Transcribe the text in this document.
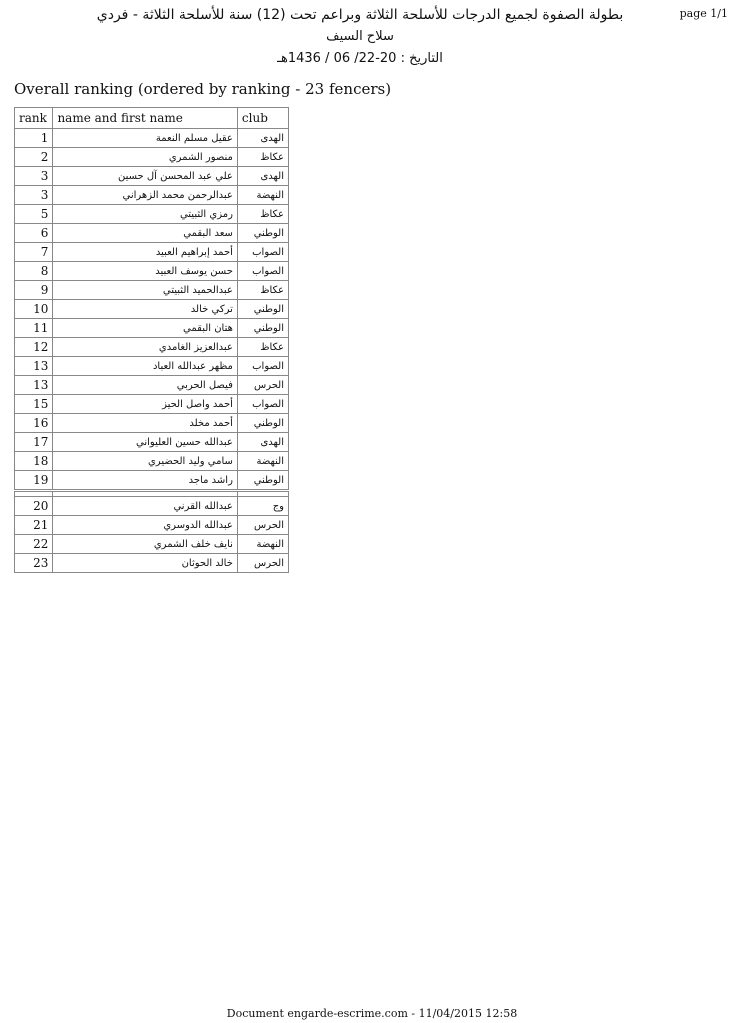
page 1/1
بطولة الصفوة لجميع الدرجات للأسلحة الثلاثة وبراعم تحت (12) سنة للأسلحة الثلاثة - فردي
سلاح السيف
التاريخ : 20-22/ 06 / 1436هـ
Overall ranking (ordered by ranking - 23 fencers)
rank	name and first name	club
1	عقيل مسلم النعمة	الهدى
2	منصور الشمري	عكاظ
3	علي عبد المحسن آل حسين	الهدى
3	عبدالرحمن محمد الزهراني	النهضة
5	رمزي الثبيتي	عكاظ
6	سعد البقمي	الوطني
7	أحمد إبراهيم العبيد	الصواب
8	حسن يوسف العبيد	الصواب
9	عبدالحميد الثبيتي	عكاظ
10	تركي خالد	الوطني
11	هتان البقمي	الوطني
12	عبدالعزيز الغامدي	عكاظ
13	مظهر عبدالله العباد	الصواب
13	فيصل الحربي	الحرس
15	أحمد واصل الحيز	الصواب
16	أحمد مخلد	الوطني
17	عبدالله حسين العليواني	الهدى
18	سامي وليد الحضيري	النهضة
19	راشد ماجد	الوطني

20	عبدالله القرني	وج
21	عبدالله الدوسري	الحرس
22	نايف خلف الشمري	النهضة
23	خالد الحوثان	الحرس
Document engarde-escrime.com - 11/04/2015 12:58
